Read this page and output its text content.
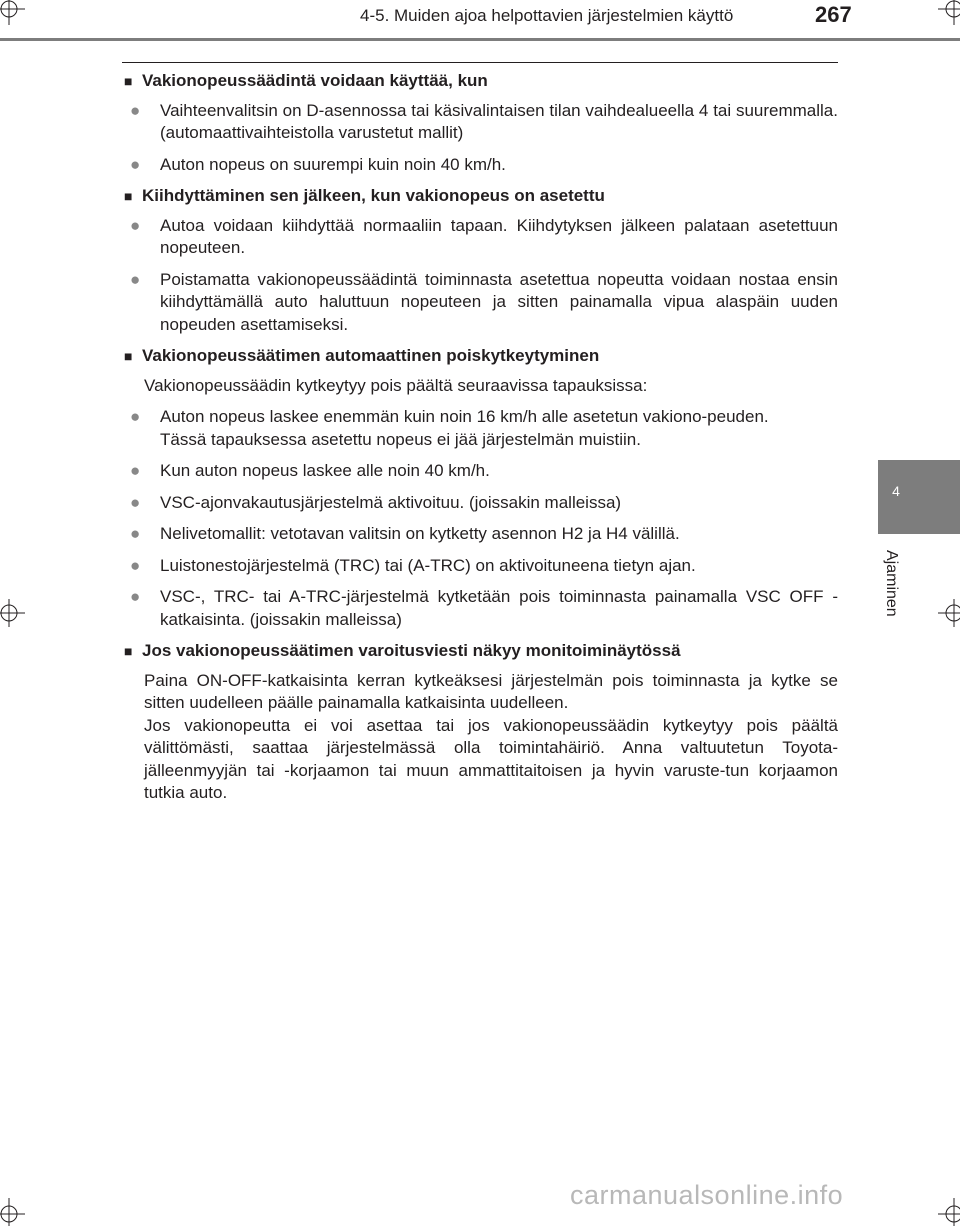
4-5. Muiden ajoa helpottavien järjestelmien käyttö	267
4
Ajaminen
■ Vakionopeussäädintä voidaan käyttää, kun
●	Vaihteenvalitsin on D-asennossa tai käsivalintaisen tilan vaihdealueella 4 tai suuremmalla. (automaattivaihteistolla varustetut mallit)
●	Auton nopeus on suurempi kuin noin 40 km/h.
■ Kiihdyttäminen sen jälkeen, kun vakionopeus on asetettu
●	Autoa voidaan kiihdyttää normaaliin tapaan. Kiihdytyksen jälkeen palataan asetettuun nopeuteen.
●	Poistamatta vakionopeussäädintä toiminnasta asetettua nopeutta voidaan nostaa ensin kiihdyttämällä auto haluttuun nopeuteen ja sitten painamalla vipua alaspäin uuden nopeuden asettamiseksi.
■ Vakionopeussäätimen automaattinen poiskytkeytyminen
Vakionopeussäädin kytkeytyy pois päältä seuraavissa tapauksissa:
●	Auton nopeus laskee enemmän kuin noin 16 km/h alle asetetun vakiono-peuden.
Tässä tapauksessa asetettu nopeus ei jää järjestelmän muistiin.
●	Kun auton nopeus laskee alle noin 40 km/h.
●	VSC-ajonvakautusjärjestelmä aktivoituu. (joissakin malleissa)
●	Nelivetomallit: vetotavan valitsin on kytketty asennon H2 ja H4 välillä.
●	Luistonestojärjestelmä (TRC) tai (A-TRC) on aktivoituneena tietyn ajan.
●	VSC-, TRC- tai A-TRC-järjestelmä kytketään pois toiminnasta painamalla VSC OFF -katkaisinta. (joissakin malleissa)
■ Jos vakionopeussäätimen varoitusviesti näkyy monitoiminäytössä
Paina ON-OFF-katkaisinta kerran kytkeäksesi järjestelmän pois toiminnasta ja kytke se sitten uudelleen päälle painamalla katkaisinta uudelleen.
Jos vakionopeutta ei voi asettaa tai jos vakionopeussäädin kytkeytyy pois päältä välittömästi, saattaa järjestelmässä olla toimintahäiriö. Anna valtuutetun Toyota-jälleenmyyjän tai -korjaamon tai muun ammattitaitoisen ja hyvin varuste-tun korjaamon tutkia auto.
carmanualsonline.info
